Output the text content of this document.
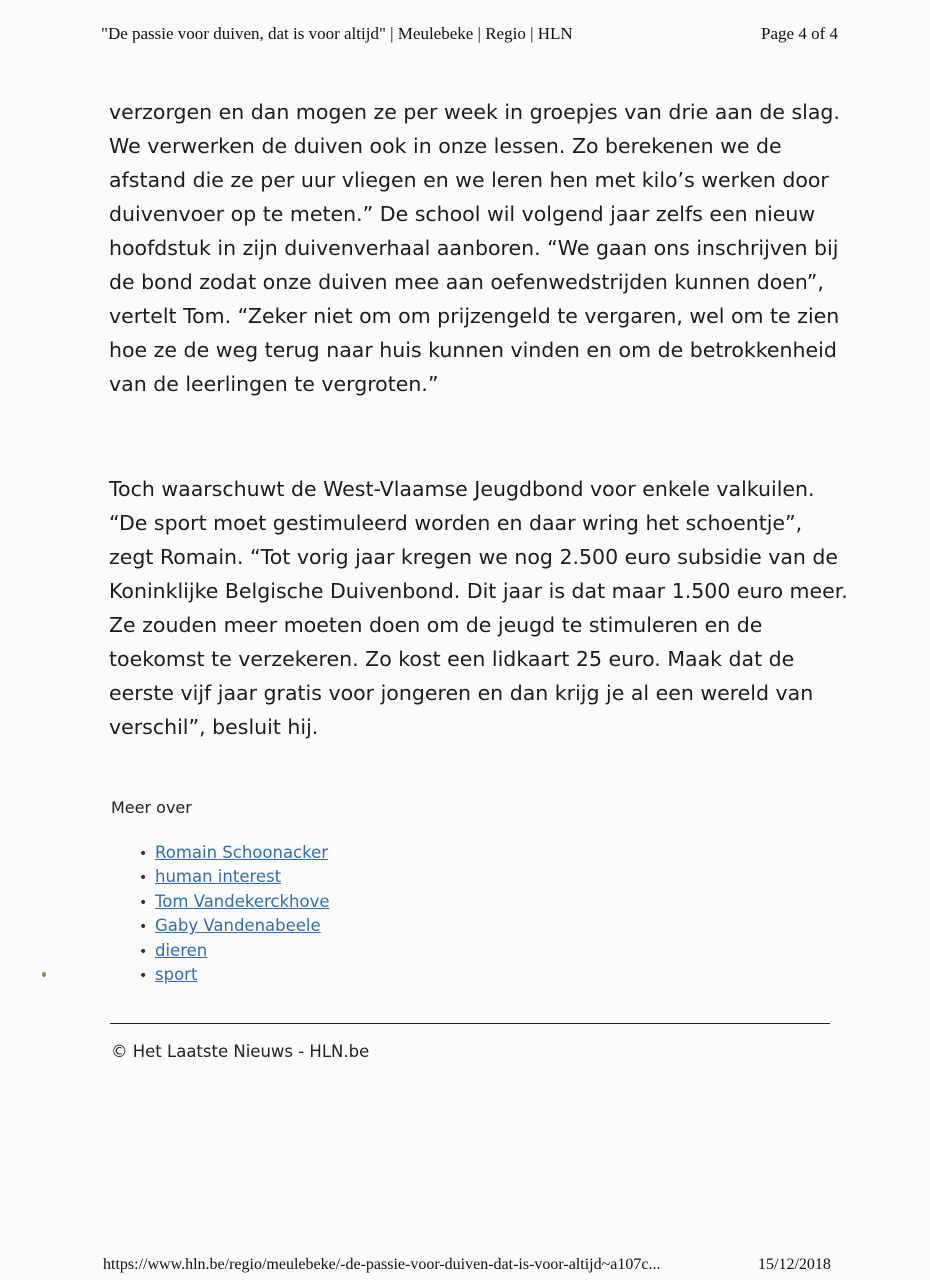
"De passie voor duiven, dat is voor altijd" | Meulebeke | Regio | HLN	Page 4 of 4
verzorgen en dan mogen ze per week in groepjes van drie aan de slag.
We verwerken de duiven ook in onze lessen. Zo berekenen we de
afstand die ze per uur vliegen en we leren hen met kilo’s werken door
duivenvoer op te meten.” De school wil volgend jaar zelfs een nieuw
hoofdstuk in zijn duivenverhaal aanboren. “We gaan ons inschrijven bij
de bond zodat onze duiven mee aan oefenwedstrijden kunnen doen”,
vertelt Tom. “Zeker niet om om prijzengeld te vergaren, wel om te zien
hoe ze de weg terug naar huis kunnen vinden en om de betrokkenheid
van de leerlingen te vergroten.”
Toch waarschuwt de West-Vlaamse Jeugdbond voor enkele valkuilen.
“De sport moet gestimuleerd worden en daar wring het schoentje”,
zegt Romain. “Tot vorig jaar kregen we nog 2.500 euro subsidie van de
Koninklijke Belgische Duivenbond. Dit jaar is dat maar 1.500 euro meer.
Ze zouden meer moeten doen om de jeugd te stimuleren en de
toekomst te verzekeren. Zo kost een lidkaart 25 euro. Maak dat de
eerste vijf jaar gratis voor jongeren en dan krijg je al een wereld van
verschil”, besluit hij.
Meer over
• Romain Schoonacker
• human interest
• Tom Vandekerckhove
• Gaby Vandenabeele
• dieren
• sport
© Het Laatste Nieuws - HLN.be
https://www.hln.be/regio/meulebeke/-de-passie-voor-duiven-dat-is-voor-altijd~a107c...	15/12/2018
